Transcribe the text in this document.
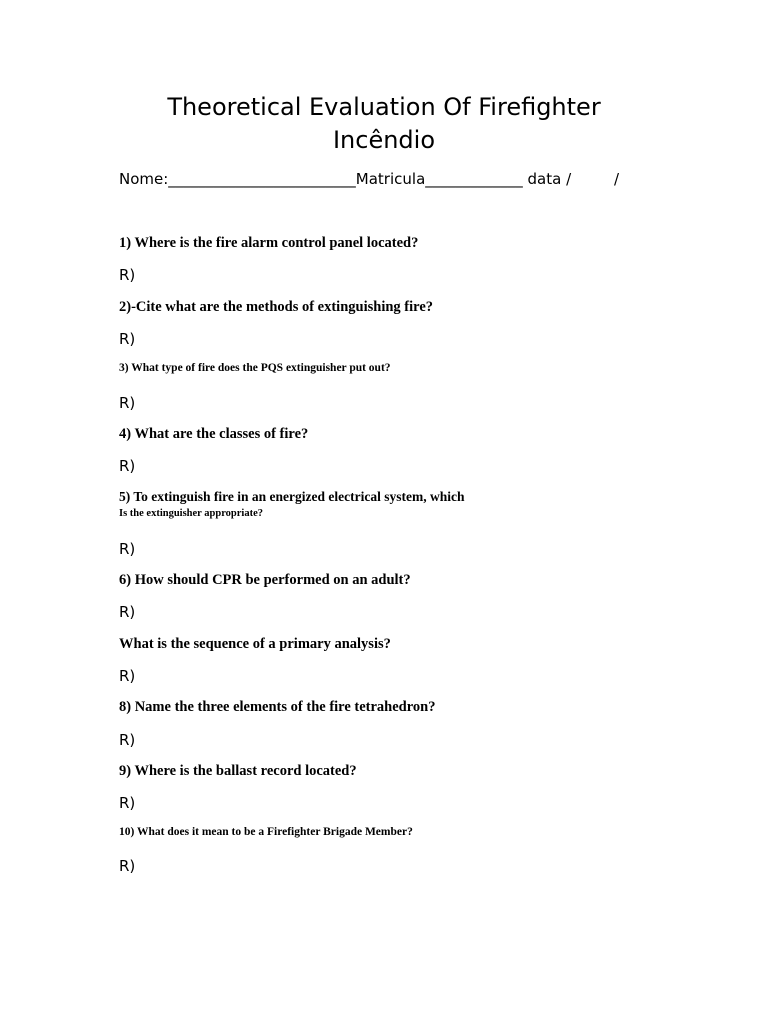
Theoretical Evaluation Of Firefighter
Incêndio
Nome:_________________________Matricula_____________ data /         /
1) Where is the fire alarm control panel located?
R)
2)-Cite what are the methods of extinguishing fire?
R)
3) What type of fire does the PQS extinguisher put out?
R)
4) What are the classes of fire?
R)
5) To extinguish fire in an energized electrical system, which
Is the extinguisher appropriate?
R)
6) How should CPR be performed on an adult?
R)
What is the sequence of a primary analysis?
R)
8) Name the three elements of the fire tetrahedron?
R)
9) Where is the ballast record located?
R)
10) What does it mean to be a Firefighter Brigade Member?
R)
